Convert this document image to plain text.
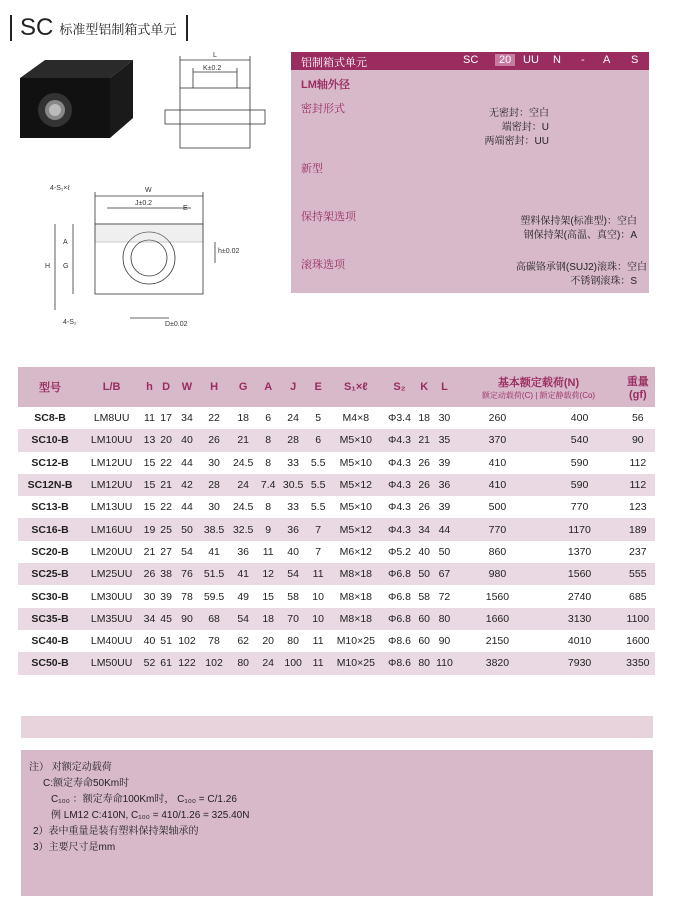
SC 标准型铝制箱式单元
L
K±0.2
W
J±0.2
E
4-S₁×ℓ
A
G
H
h±0.02
4-S₂	D±0.02
铝制箱式单元	SC	20	UU N - A S
LM轴外径
密封形式	无密封：空白
端密封：U
两端密封：UU
新型
保持架选项	塑料保持架(标准型)：空白
钢保持架(高温、真空)：A
滚珠选项	高碳铬承钢(SUJ2)滚珠：空白
不锈钢滚珠：S
型号	L/B	h	D	W	H	G	A	J	E	S₁×ℓ	S₂	K	L	基本额定载荷(N)
额定动载荷(C) | 额定静载荷(Co)		重量
(gf)
SC8-B	LM8UU	11	17	34	22	18	6	24	5	M4×8	Φ3.4	18	30	260	400	56
SC10-B	LM10UU	13	20	40	26	21	8	28	6	M5×10	Φ4.3	21	35	370	540	90
SC12-B	LM12UU	15	22	44	30	24.5	8	33	5.5	M5×10	Φ4.3	26	39	410	590	112
SC12N-B	LM12UU	15	21	42	28	24	7.4	30.5	5.5	M5×12	Φ4.3	26	36	410	590	112
SC13-B	LM13UU	15	22	44	30	24.5	8	33	5.5	M5×10	Φ4.3	26	39	500	770	123
SC16-B	LM16UU	19	25	50	38.5	32.5	9	36	7	M5×12	Φ4.3	34	44	770	1170	189
SC20-B	LM20UU	21	27	54	41	36	11	40	7	M6×12	Φ5.2	40	50	860	1370	237
SC25-B	LM25UU	26	38	76	51.5	41	12	54	11	M8×18	Φ6.8	50	67	980	1560	555
SC30-B	LM30UU	30	39	78	59.5	49	15	58	10	M8×18	Φ6.8	58	72	1560	2740	685
SC35-B	LM35UU	34	45	90	68	54	18	70	10	M8×18	Φ6.8	60	80	1660	3130	1100
SC40-B	LM40UU	40	51	102	78	62	20	80	11	M10×25	Φ8.6	60	90	2150	4010	1600
SC50-B	LM50UU	52	61	122	102	80	24	100	11	M10×25	Φ8.6	80	110	3820	7930	3350
注） 对额定动载荷
C:额定寿命50Km时
C₁₀₀ ：额定寿命100Km时， C₁₀₀ = C/1.26
例 LM12 C:410N, C₁₀₀ = 410/1.26 = 325.40N
2）表中重量是装有塑料保持架轴承的
3）主要尺寸是mm
